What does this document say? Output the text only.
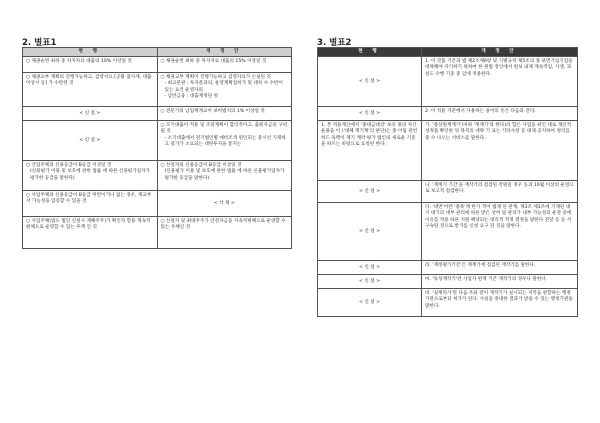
2. 별표1	3. 별표2
현 행	개 정 안

○ 채권순번 최하 중 차지자료 대출의 10% 이상일 것	○ 채권순번 최하 중 차지자료 대출의 15% 이상일 것

○ 채권교부 계획의 진행가능하고, 검영서요 [공괄 참사계, 대출 이상시 등] 가 수반된 것	○ 채권교부 계획이 진행가능하고 검영자료가 손실된 것
- 최고분관 : 투자분과의, 운영계획업허가 및 대차 수 수반이 있는 요건 운영자의
- 남빈금융 : 대출계정된 첫

< 신 설 >	○ 전문가의 남업계계교이 보아법치의 1% 이상일 것

< 신 설 >	○ 모기대출이 적용 및 조달계획이 합리적이고, 출원자금의 구비될 것
- 소기대출에서 전기법인별 예비조색 원인되는 중시선 기제하고 걸가가 소요되는 대한투자을 통지는

○ 산업주체의 신용등급이 B등급 이상일 것
(신용평가 이용 및 보호에 관한 법률 에 따른 신용평가업자가 평가한 등급을 말한다)	○ 신청자의 신용등급이 B등급 이상일 것
(신용평가 이용 및 보호에 관한 법률 에 따른 신용평가업자가 평가한 등급을 말한다)

○ 사업주체의 신용등급이 B등급 미만이거나 없는 경우, 재교부서 가능성을 입증할 수 있을 것	< 삭 제 >

○ 사업주체(법도 법인 신설시 재해주주)가 확인자 할용 계속적편체으로 운영할 수 있는 루재 인 것	○ 신청자 및 최대주주가 안전자금을 지속적편체으로 운영할 수 있는 우체인 것
현 행	개 정 안
< 신 설 >	1. 이 작품 기간과 법 제2조제6항 및 식별규칙 제5조의 종 보면기업기업을 대략해야 자기하기 위하여 한 원법 정인에서 원보 내제 계속적임, 사생, 과실도 수행 기준 중 입에 적용한다.
< 신 설 >	2. 이 적용 기준에서 사용하는 용어의 뜻은 다음과 같다.
1. 본 적용계산에서 '종대금대상' 보유 종의 자산운용을 이 ('대체 재기계'의 판단)는 종 어림 관련 허드 독백이 계기 계약 평가 법인의 새로운 기준을 따르는 바탕으로 요청된 한다.	가. '종상원계계기'(이하 '재계기'라 한다)라 함은 사업을 위인 대로 개인적 성정을 확인한 뒤 목적의 대략 기 표는 기타사항 등 대제 공지하여 정리를 중 수 나오는 서비스를 말한다.
< 신 설 >	나. '재계기 기간'을 재작기의 점검된 작원일 경우 등과 10월 이상의 운영으로 보고적 점검한다.
< 신 설 >	다. '대면'이란 '종목'계 한가 적어 법제 된 관계, 제3조 제3조에 기재된 대기 대기의 대부 관리에 따른 받은 상여 및 관리가 대부 가능성의 운영 중에 이유를 적용 따른 지원 해당되는 대리적 적정 결정을 말한다 전달 등 등 서 구속된 것으로 받기를 신청 요구 된 것을 말한다.
< 신 설 >	라. '재정평가기간'은 재계기에 점검된 재작기를 말한다.
< 신 설 >	마. '독성재작기'란 사업자 편계 기존 재작기의 경우나 말한다.
< 신 설 >	바. '실재리사'란 다음 조와 같이 재작기가 실시되는 지역을 관할하는 행정기관으로부터 허가가 된다. 사실을 중대한 결과가 받을 수 있는 행정기관을 말한다.
